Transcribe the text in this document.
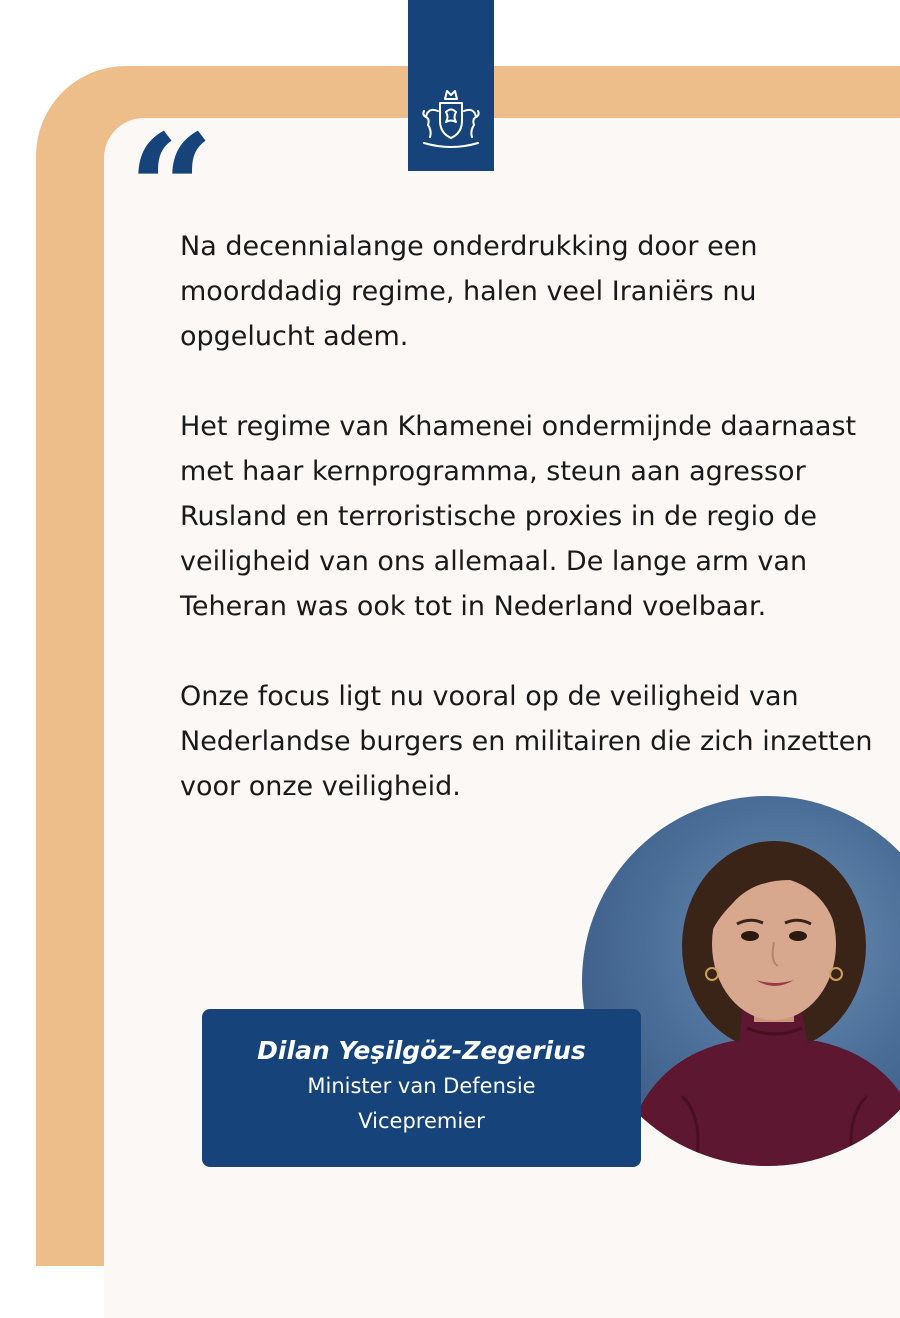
“

Na decennialange onderdrukking door een moorddadig regime, halen veel Iraniërs nu opgelucht adem.

Het regime van Khamenei ondermijnde daarnaast met haar kernprogramma, steun aan agressor Rusland en terroristische proxies in de regio de veiligheid van ons allemaal. De lange arm van Teheran was ook tot in Nederland voelbaar.

Onze focus ligt nu vooral op de veiligheid van Nederlandse burgers en militairen die zich inzetten voor onze veiligheid.

Dilan Yeşilgöz-Zegerius
Minister van Defensie
Vicepremier
